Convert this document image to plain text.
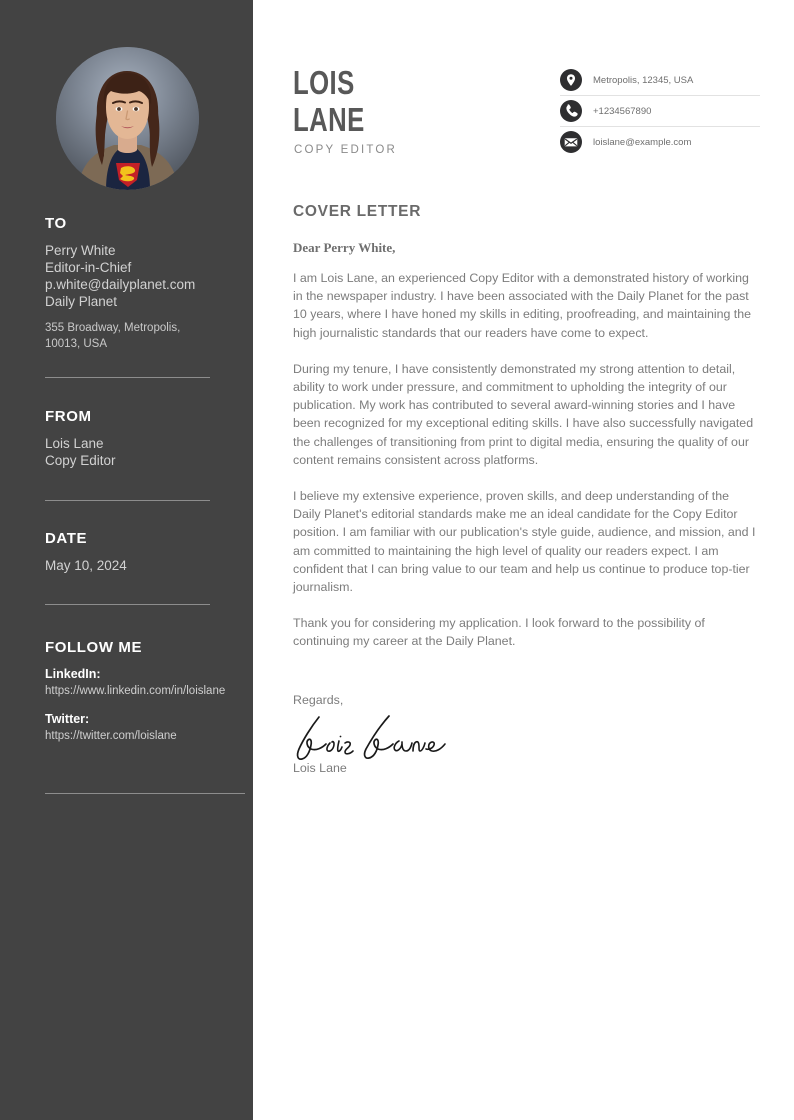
TO
Perry White
Editor-in-Chief
p.white@dailyplanet.com
Daily Planet
355 Broadway, Metropolis,
10013, USA
FROM
Lois Lane
Copy Editor
DATE
May 10, 2024
FOLLOW ME
LinkedIn:
https://www.linkedin.com/in/loislane
Twitter:
https://twitter.com/loislane
LOIS
LANE
COPY EDITOR
Metropolis, 12345, USA
+1234567890
loislane@example.com
COVER LETTER

Dear Perry White,

I am Lois Lane, an experienced Copy Editor with a demonstrated history of working in the newspaper industry. I have been associated with the Daily Planet for the past 10 years, where I have honed my skills in editing, proofreading, and maintaining the high journalistic standards that our readers have come to expect.

During my tenure, I have consistently demonstrated my strong attention to detail, ability to work under pressure, and commitment to upholding the integrity of our publication. My work has contributed to several award-winning stories and I have been recognized for my exceptional editing skills. I have also successfully navigated the challenges of transitioning from print to digital media, ensuring the quality of our content remains consistent across platforms.

I believe my extensive experience, proven skills, and deep understanding of the Daily Planet's editorial standards make me an ideal candidate for the Copy Editor position. I am familiar with our publication's style guide, audience, and mission, and I am committed to maintaining the high level of quality our readers expect. I am confident that I can bring value to our team and help us continue to produce top-tier journalism.

Thank you for considering my application. I look forward to the possibility of continuing my career at the Daily Planet.

Regards,

Lois Lane
